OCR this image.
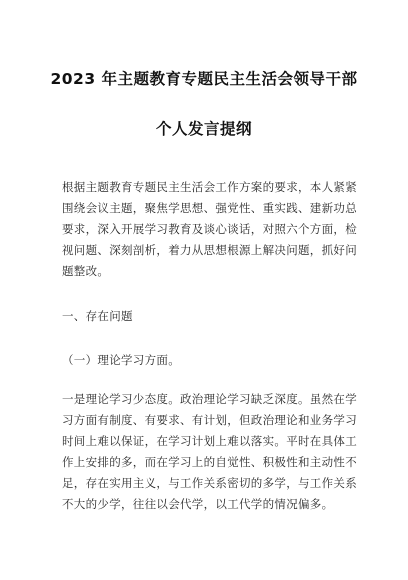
2023 年主题教育专题民主生活会领导干部
个人发言提纲
根据主题教育专题民主生活会工作方案的要求，本人紧紧
围绕会议主题，聚焦学思想、强党性、重实践、建新功总
要求，深入开展学习教育及谈心谈话，对照六个方面，检
视问题、深刻剖析，着力从思想根源上解决问题，抓好问
题整改。
一、存在问题
（一）理论学习方面。
一是理论学习少态度。政治理论学习缺乏深度。虽然在学
习方面有制度、有要求、有计划，但政治理论和业务学习
时间上难以保证，在学习计划上难以落实。平时在具体工
作上安排的多，而在学习上的自觉性、积极性和主动性不
足，存在实用主义，与工作关系密切的多学，与工作关系
不大的少学，往往以会代学，以工代学的情况偏多。
